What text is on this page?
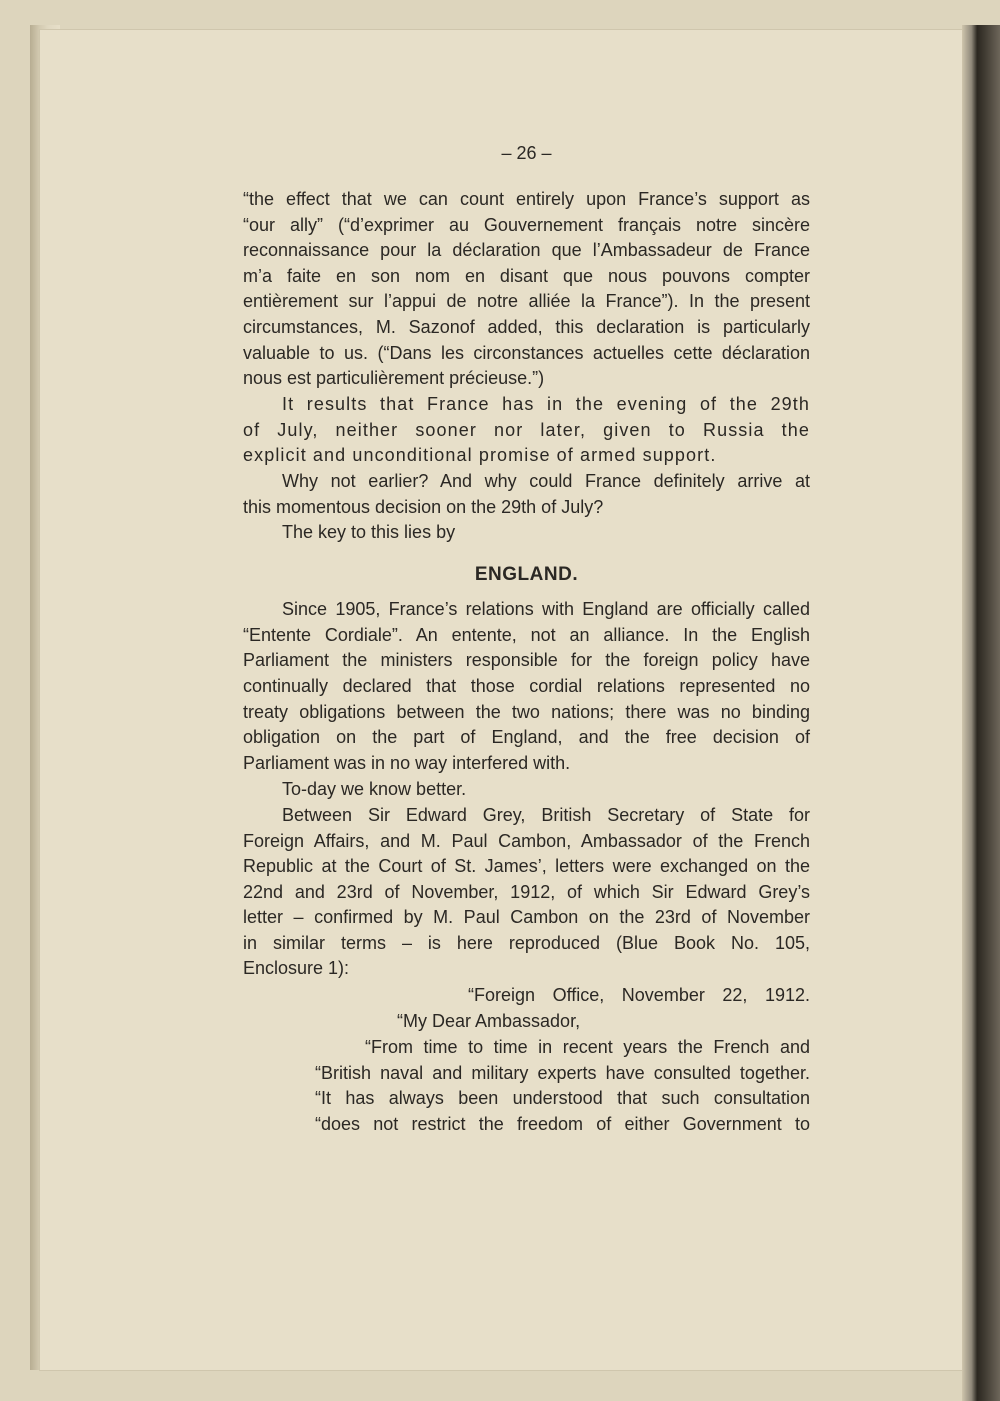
– 26 –
“the effect that we can count entirely upon France’s support as
“our ally” (“d’exprimer au Gouvernement français notre sincère
reconnaissance pour la déclaration que l’Ambassadeur de France
m’a faite en son nom en disant que nous pouvons compter
entièrement sur l’appui de notre alliée la France”). In the present
circumstances, M. Sazonof added, this declaration is particularly
valuable to us. (“Dans les circonstances actuelles cette déclaration
nous est particulièrement précieuse.”)
It results that France has in the evening of the 29th
of July, neither sooner nor later, given to Russia the
explicit and unconditional promise of armed support.
Why not earlier? And why could France definitely arrive at
this momentous decision on the 29th of July?
The key to this lies by
ENGLAND.
Since 1905, France’s relations with England are officially called
“Entente Cordiale”. An entente, not an alliance. In the English
Parliament the ministers responsible for the foreign policy have
continually declared that those cordial relations represented no
treaty obligations between the two nations; there was no binding
obligation on the part of England, and the free decision of
Parliament was in no way interfered with.
To-day we know better.
Between Sir Edward Grey, British Secretary of State for
Foreign Affairs, and M. Paul Cambon, Ambassador of the French
Republic at the Court of St. James’, letters were exchanged on the
22nd and 23rd of November, 1912, of which Sir Edward Grey’s
letter – confirmed by M. Paul Cambon on the 23rd of November
in similar terms – is here reproduced (Blue Book No. 105,
Enclosure 1):
“Foreign Office, November 22, 1912.
“My Dear Ambassador,
“From time to time in recent years the French and
“British naval and military experts have consulted together.
“It has always been understood that such consultation
“does not restrict the freedom of either Government to
